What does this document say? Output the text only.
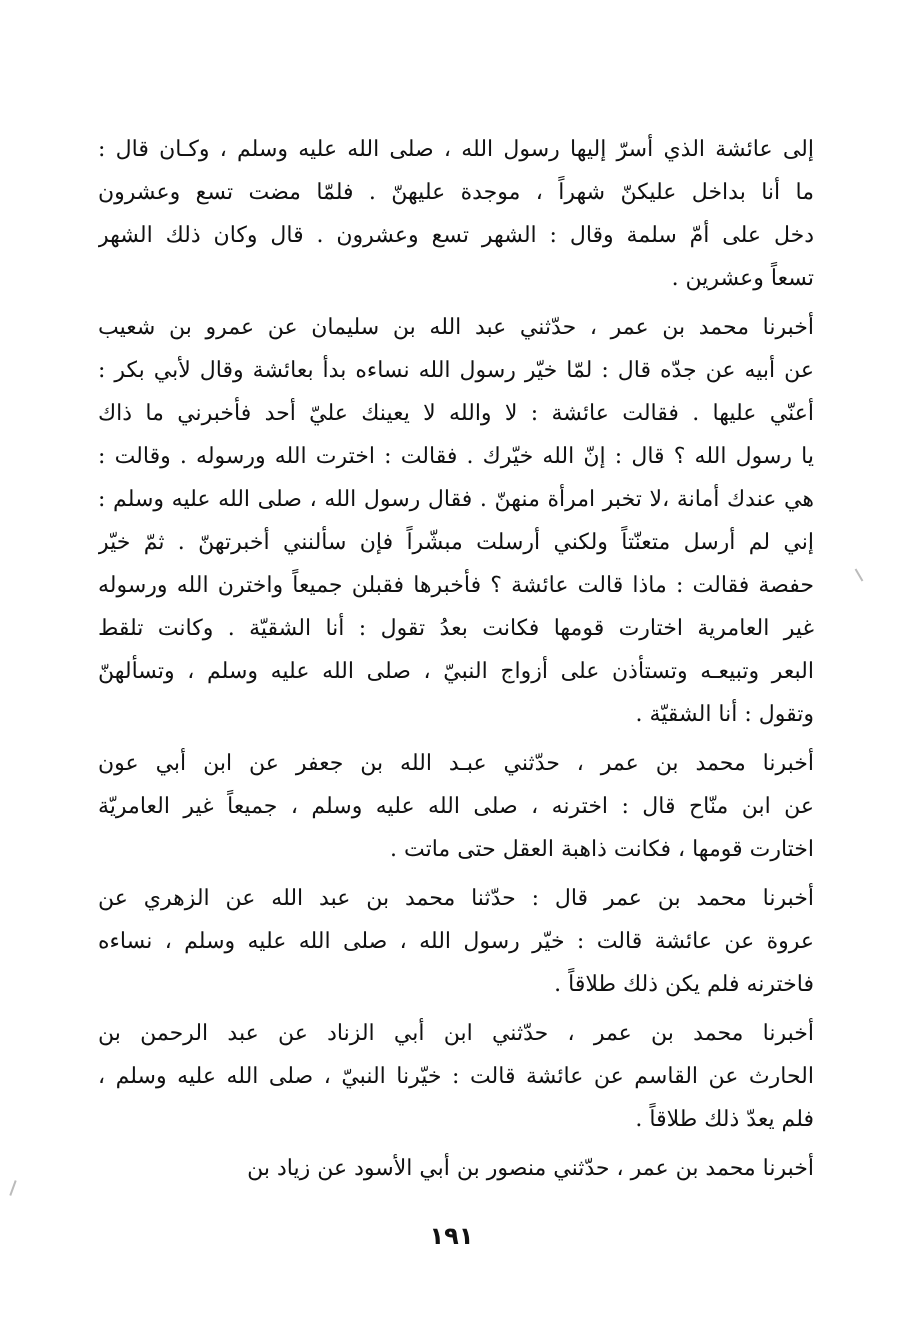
إلى عائشة الذي أسرّ إليها رسول الله ، صلى الله عليه وسلم ، وكـان قال :
ما أنا بداخل عليكنّ شهراً ، موجدة عليهنّ . فلمّا مضت تسع وعشرون
دخل على أمّ سلمة وقال : الشهر تسع وعشرون . قال وكان ذلك الشهر
تسعاً وعشرين .
أخبرنا محمد بن عمر ، حدّثني عبد الله بن سليمان عن عمرو بن شعيب
عن أبيه عن جدّه قال : لمّا خيّر رسول الله نساءه بدأ بعائشة وقال لأبي بكر :
أعنّي عليها . فقالت عائشة : لا والله لا يعينك عليّ أحد فأخبرني ما ذاك
يا رسول الله ؟ قال : إنّ الله خيّرك . فقالت : اخترت الله ورسوله . وقالت :
هي عندك أمانة ،لا تخبر امرأة منهنّ . فقال رسول الله ، صلى الله عليه وسلم :
إني لم أرسل متعنّتاً ولكني أرسلت مبشّراً فإن سألنني أخبرتهنّ . ثمّ خيّر
حفصة فقالت : ماذا قالت عائشة ؟ فأخبرها فقبلن جميعاً واخترن الله ورسوله
غير العامرية اختارت قومها فكانت بعدُ تقول : أنا الشقيّة . وكانت تلقط
البعر وتبيعـه وتستأذن على أزواج النبيّ ، صلى الله عليه وسلم ، وتسألهنّ
وتقول : أنا الشقيّة .
أخبرنا محمد بن عمر ، حدّثني عبـد الله بن جعفر عن ابن أبي عون
عن ابن منّاح قال : اخترنه ، صلى الله عليه وسلم ، جميعاً غير العامريّة
اختارت قومها ، فكانت ذاهبة العقل حتى ماتت .
أخبرنا محمد بن عمر قال : حدّثنا محمد بن عبد الله عن الزهري عن
عروة عن عائشة قالت : خيّر رسول الله ، صلى الله عليه وسلم ، نساءه
فاخترنه فلم يكن ذلك طلاقاً .
أخبرنا محمد بن عمر ، حدّثني ابن أبي الزناد عن عبد الرحمن بن
الحارث عن القاسم عن عائشة قالت : خيّرنا النبيّ ، صلى الله عليه وسلم ،
فلم يعدّ ذلك طلاقاً .
أخبرنا محمد بن عمر ، حدّثني منصور بن أبي الأسود عن زياد بن
١٩١
